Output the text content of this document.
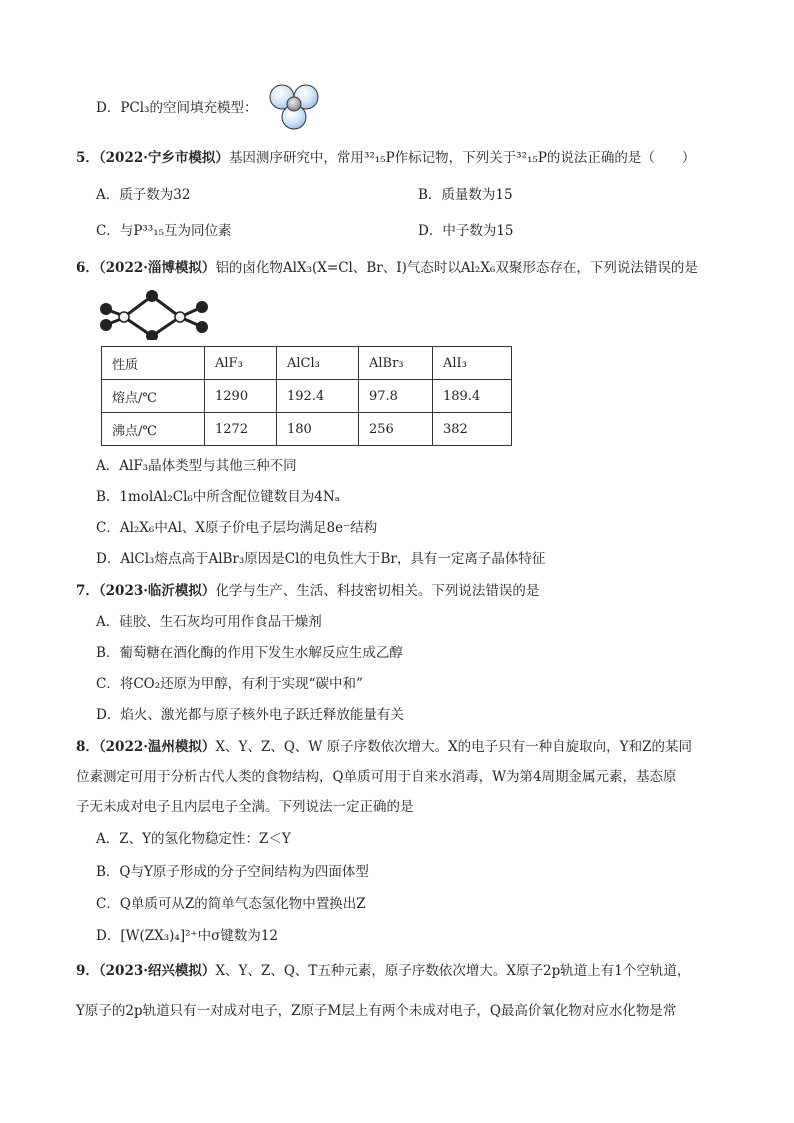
D．PCl₃的空间填充模型：
5．（2022·宁乡市模拟）基因测序研究中，常用³²₁₅P作标记物，下列关于³²₁₅P的说法正确的是（　　）
A．质子数为32	B．质量数为15
C．与P³³₁₅互为同位素	D．中子数为15
6．（2022·淄博模拟）铝的卤化物AlX₃(X=Cl、Br、I)气态时以Al₂X₆双聚形态存在，下列说法错误的是
性质	AlF₃	AlCl₃	AlBr₃	AlI₃
熔点/℃	1290	192.4	97.8	189.4
沸点/℃	1272	180	256	382
A．AlF₃晶体类型与其他三种不同
B．1molAl₂Cl₆中所含配位键数目为4Nₐ
C．Al₂X₆中Al、X原子价电子层均满足8e⁻结构
D．AlCl₃熔点高于AlBr₃原因是Cl的电负性大于Br，具有一定离子晶体特征
7．（2023·临沂模拟）化学与生产、生活、科技密切相关。下列说法错误的是
A．硅胶、生石灰均可用作食品干燥剂
B．葡萄糖在酒化酶的作用下发生水解反应生成乙醇
C．将CO₂还原为甲醇，有利于实现“碳中和”
D．焰火、激光都与原子核外电子跃迁释放能量有关
8．（2022·温州模拟）X、Y、Z、Q、W 原子序数依次增大。X的电子只有一种自旋取向，Y和Z的某同
位素测定可用于分析古代人类的食物结构，Q单质可用于自来水消毒，W为第4周期金属元素，基态原
子无未成对电子且内层电子全满。下列说法一定正确的是
A．Z、Y的氢化物稳定性：Z＜Y
B．Q与Y原子形成的分子空间结构为四面体型
C．Q单质可从Z的简单气态氢化物中置换出Z
D．[W(ZX₃)₄]²⁺中σ键数为12
9．（2023·绍兴模拟）X、Y、Z、Q、T五种元素，原子序数依次增大。X原子2p轨道上有1个空轨道，
Y原子的2p轨道只有一对成对电子，Z原子M层上有两个未成对电子，Q最高价氧化物对应水化物是常
